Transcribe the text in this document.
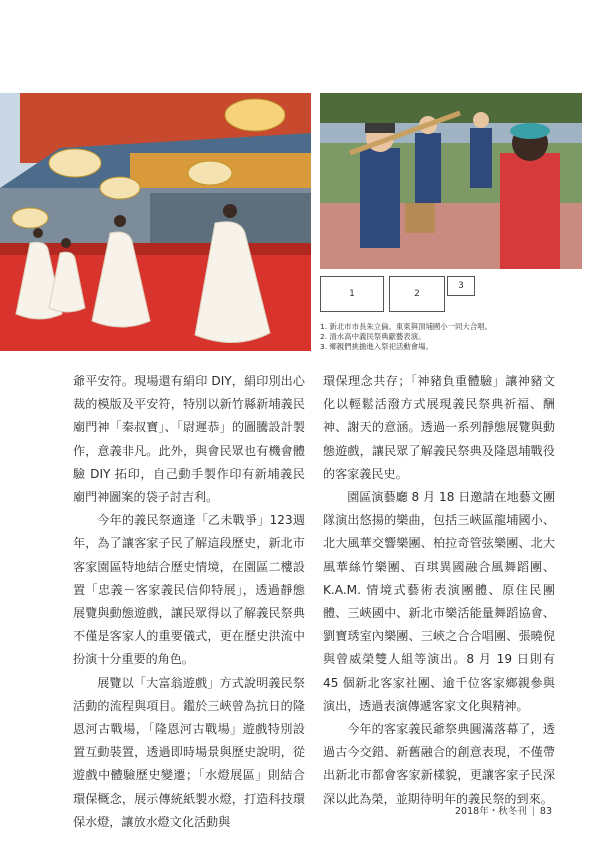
1	2
3
1. 新北市市長朱立倫、東東與頂埔國小一同大合唱。
2. 清水高中義民祭典獻藝表演。
3. 鄉親們挑擔進入祭祀活動會場。

爺平安符。現場還有絹印 DIY，絹印別出心裁的模版及平安符，特別以新竹縣新埔義民廟門神「秦叔寶」、「尉遲恭」的圖騰設計製作，意義非凡。此外，與會民眾也有機會體驗 DIY 拓印，自己動手製作印有新埔義民廟門神圖案的袋子討吉利。

今年的義民祭適逢「乙未戰爭」123週年，為了讓客家子民了解這段歷史，新北市客家園區特地結合歷史情境，在園區二樓設置「忠義－客家義民信仰特展」，透過靜態展覽與動態遊戲，讓民眾得以了解義民祭典不僅是客家人的重要儀式，更在歷史洪流中扮演十分重要的角色。

展覽以「大富翁遊戲」方式說明義民祭活動的流程與項目。鑑於三峽曾為抗日的隆恩河古戰場，「隆恩河古戰場」遊戲特別設置互動裝置，透過即時場景與歷史說明，從遊戲中體驗歷史變遷；「水燈展區」則結合環保概念，展示傳統紙製水燈，打造科技環保水燈，讓放水燈文化活動與

環保理念共存；「神豬負重體驗」讓神豬文化以輕鬆活潑方式展現義民祭典祈福、酬神、謝天的意涵。透過一系列靜態展覽與動態遊戲，讓民眾了解義民祭典及隆恩埔戰役的客家義民史。

園區演藝廳 8 月 18 日邀請在地藝文團隊演出悠揚的樂曲，包括三峽區龍埔國小、北大風華交響樂團、柏拉奇管弦樂團、北大風華絲竹樂團、百琪異國融合風舞蹈團、K.A.M. 情境式藝術表演團體、原住民團體、三峽國中、新北市樂活能量舞蹈協會、劉寶琇室內樂團、三峽之合合唱團、張曉倪與曾威榮雙人組等演出。8 月 19 日則有 45 個新北客家社團、逾千位客家鄉親參與演出，透過表演傳遞客家文化與精神。

今年的客家義民爺祭典圓滿落幕了，透過古今交錯、新舊融合的創意表現，不僅帶出新北市都會客家新樣貌，更讓客家子民深深以此為榮，並期待明年的義民祭的到來。

2018年・秋冬刊 | 83
